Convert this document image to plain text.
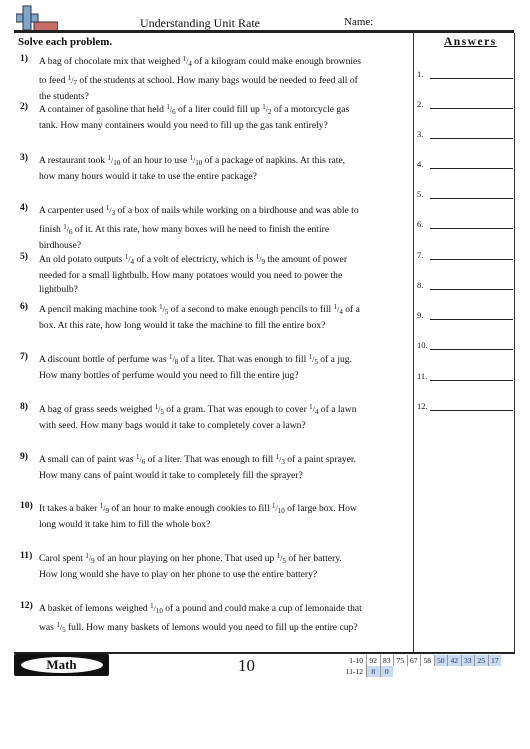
Understanding Unit Rate	Name:
Solve each problem.	Answers
1.
2.
3.
4.
5.
6.
7.
8.
9.
10.
11.
12.
1) A bag of chocolate mix that weighed $^1/_4$ of a kilogram could make enough brownies to feed $^1/_7$ of the students at school. How many bags would be needed to feed all of the students?
2) A container of gasoline that held $^1/_6$ of a liter could fill up $^1/_2$ of a motorcycle gas tank. How many containers would you need to fill up the gas tank entirely?
3) A restaurant took $^1/_{10}$ of an hour to use $^1/_{10}$ of a package of napkins. At this rate, how many hours would it take to use the entire package?
4) A carpenter used $^1/_3$ of a box of nails while working on a birdhouse and was able to finish $^1/_6$ of it. At this rate, how many boxes will he need to finish the entire birdhouse?
5) An old potato outputs $^1/_4$ of a volt of electricty, which is $^1/_9$ the amount of power needed for a small lightbulb. How many potatoes would you need to power the lightbulb?
6) A pencil making machine took $^1/_5$ of a second to make enough pencils to fill $^1/_4$ of a box. At this rate, how long would it take the machine to fill the entire box?
7) A discount bottle of perfume was $^1/_8$ of a liter. That was enough to fill $^1/_5$ of a jug. How many bottles of perfume would you need to fill the entire jug?
8) A bag of grass seeds weighed $^1/_5$ of a gram. That was enough to cover $^1/_4$ of a lawn with seed. How many bags would it take to completely cover a lawn?
9) A small can of paint was $^1/_6$ of a liter. That was enough to fill $^1/_3$ of a paint sprayer. How many cans of paint would it take to completely fill the sprayer?
10) It takes a baker $^1/_9$ of an hour to make enough cookies to fill $^1/_{10}$ of large box. How long would it take him to fill the whole box?
11) Carol spent $^1/_9$ of an hour playing on her phone. That used up $^1/_5$ of her battery. How long would she have to play on her phone to use the entire battery?
12) A basket of lemons weighed $^1/_{10}$ of a pound and could make a cup of lemonaide that was $^1/_5$ full. How many baskets of lemons would you need to fill up the entire cup?
Math	10	1-10 92 83 75 67 58 50 42 33 25 17
11-12	8	0
